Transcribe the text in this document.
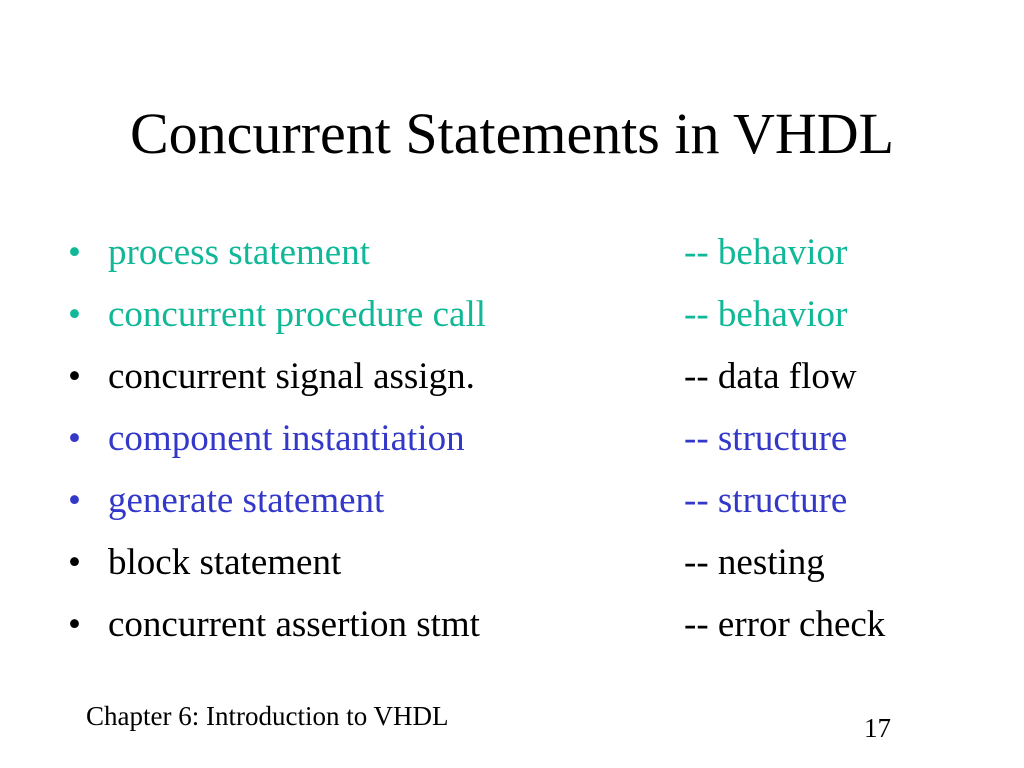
Concurrent Statements in VHDL
• process statement	-- behavior
• concurrent procedure call	-- behavior
• concurrent signal assign.	-- data flow
• component instantiation	-- structure
• generate statement	-- structure
• block statement	-- nesting
• concurrent assertion stmt	-- error check
Chapter 6: Introduction to VHDL	17
